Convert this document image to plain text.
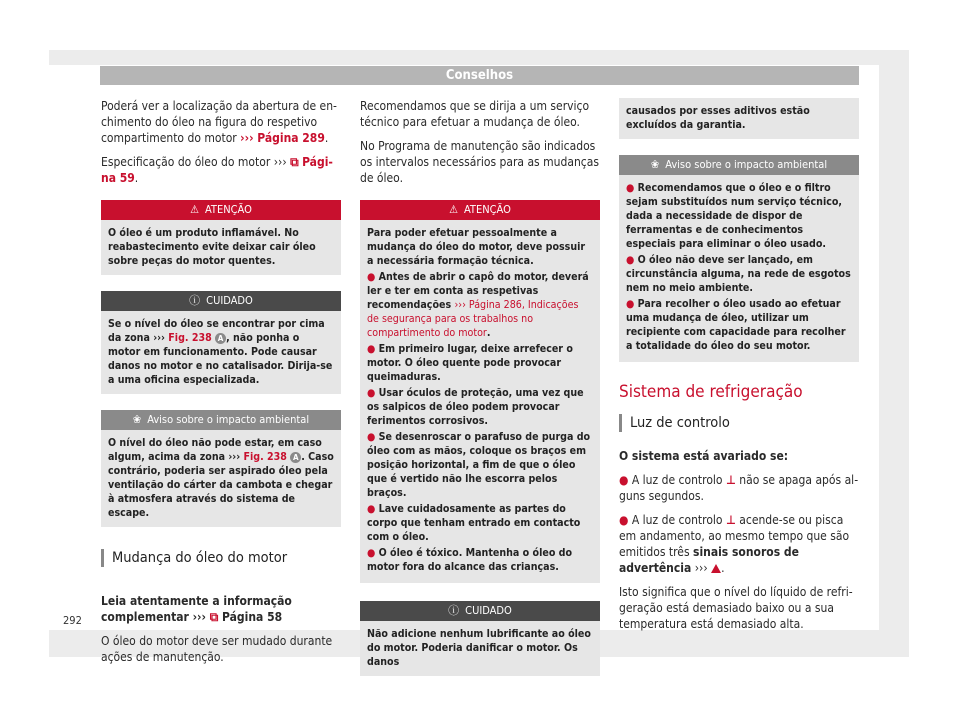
Conselhos

Poderá ver a localização da abertura de enchimento do óleo na figura do respetivo compartimento do motor ››› Página 289.

Especificação do óleo do motor ››› ⧉ Página 59.

⚠ ATENÇÃO
O óleo é um produto inflamável. No reabastecimento evite deixar cair óleo sobre peças do motor quentes.
ⓘ CUIDADO
Se o nível do óleo se encontrar por cima da zona ››› Fig. 238 A , não ponha o motor em funcionamento. Pode causar danos no motor e no catalisador. Dirija-se a uma oficina especializada.
❀ Aviso sobre o impacto ambiental
O nível do óleo não pode estar, em caso algum, acima da zona ››› Fig. 238 A . Caso contrário, poderia ser aspirado óleo pela ventilação do cárter da cambota e chegar à atmosfera através do sistema de escape.
Mudança do óleo do motor

Leia atentamente a informação complementar ››› ⧉ Página 58

O óleo do motor deve ser mudado durante ações de manutenção.

Recomendamos que se dirija a um serviço técnico para efetuar a mudança de óleo.

No Programa de manutenção são indicados os intervalos necessários para as mudanças de óleo.

⚠ ATENÇÃO

Para poder efetuar pessoalmente a mudança do óleo do motor, deve possuir a necessária formação técnica.

● Antes de abrir o capô do motor, deverá ler e ter em conta as respetivas recomendações ››› Página 286, Indicações de segurança para os trabalhos no compartimento do motor.

● Em primeiro lugar, deixe arrefecer o motor. O óleo quente pode provocar queimaduras.

● Usar óculos de proteção, uma vez que os salpicos de óleo podem provocar ferimentos corrosivos.

● Se desenroscar o parafuso de purga do óleo com as mãos, coloque os braços em posição horizontal, a fim de que o óleo que é vertido não lhe escorra pelos braços.

● Lave cuidadosamente as partes do corpo que tenham entrado em contacto com o óleo.

● O óleo é tóxico. Mantenha o óleo do motor fora do alcance das crianças.

ⓘ CUIDADO
Não adicione nenhum lubrificante ao óleo do motor. Poderia danificar o motor. Os danos
causados por esses aditivos estão excluídos da garantia.
❀ Aviso sobre o impacto ambiental

● Recomendamos que o óleo e o filtro sejam substituídos num serviço técnico, dada a necessidade de dispor de ferramentas e de conhecimentos especiais para eliminar o óleo usado.

● O óleo não deve ser lançado, em circunstância alguma, na rede de esgotos nem no meio ambiente.

● Para recolher o óleo usado ao efetuar uma mudança de óleo, utilizar um recipiente com capacidade para recolher a totalidade do óleo do seu motor.

Sistema de refrigeração
Luz de controlo

O sistema está avariado se:

● A luz de controlo ⊥ não se apaga após alguns segundos.

● A luz de controlo ⊥ acende-se ou pisca em andamento, ao mesmo tempo que são emitidos três sinais sonoros de advertência ››› .

Isto significa que o nível do líquido de refrigeração está demasiado baixo ou a sua temperatura está demasiado alta.

292
